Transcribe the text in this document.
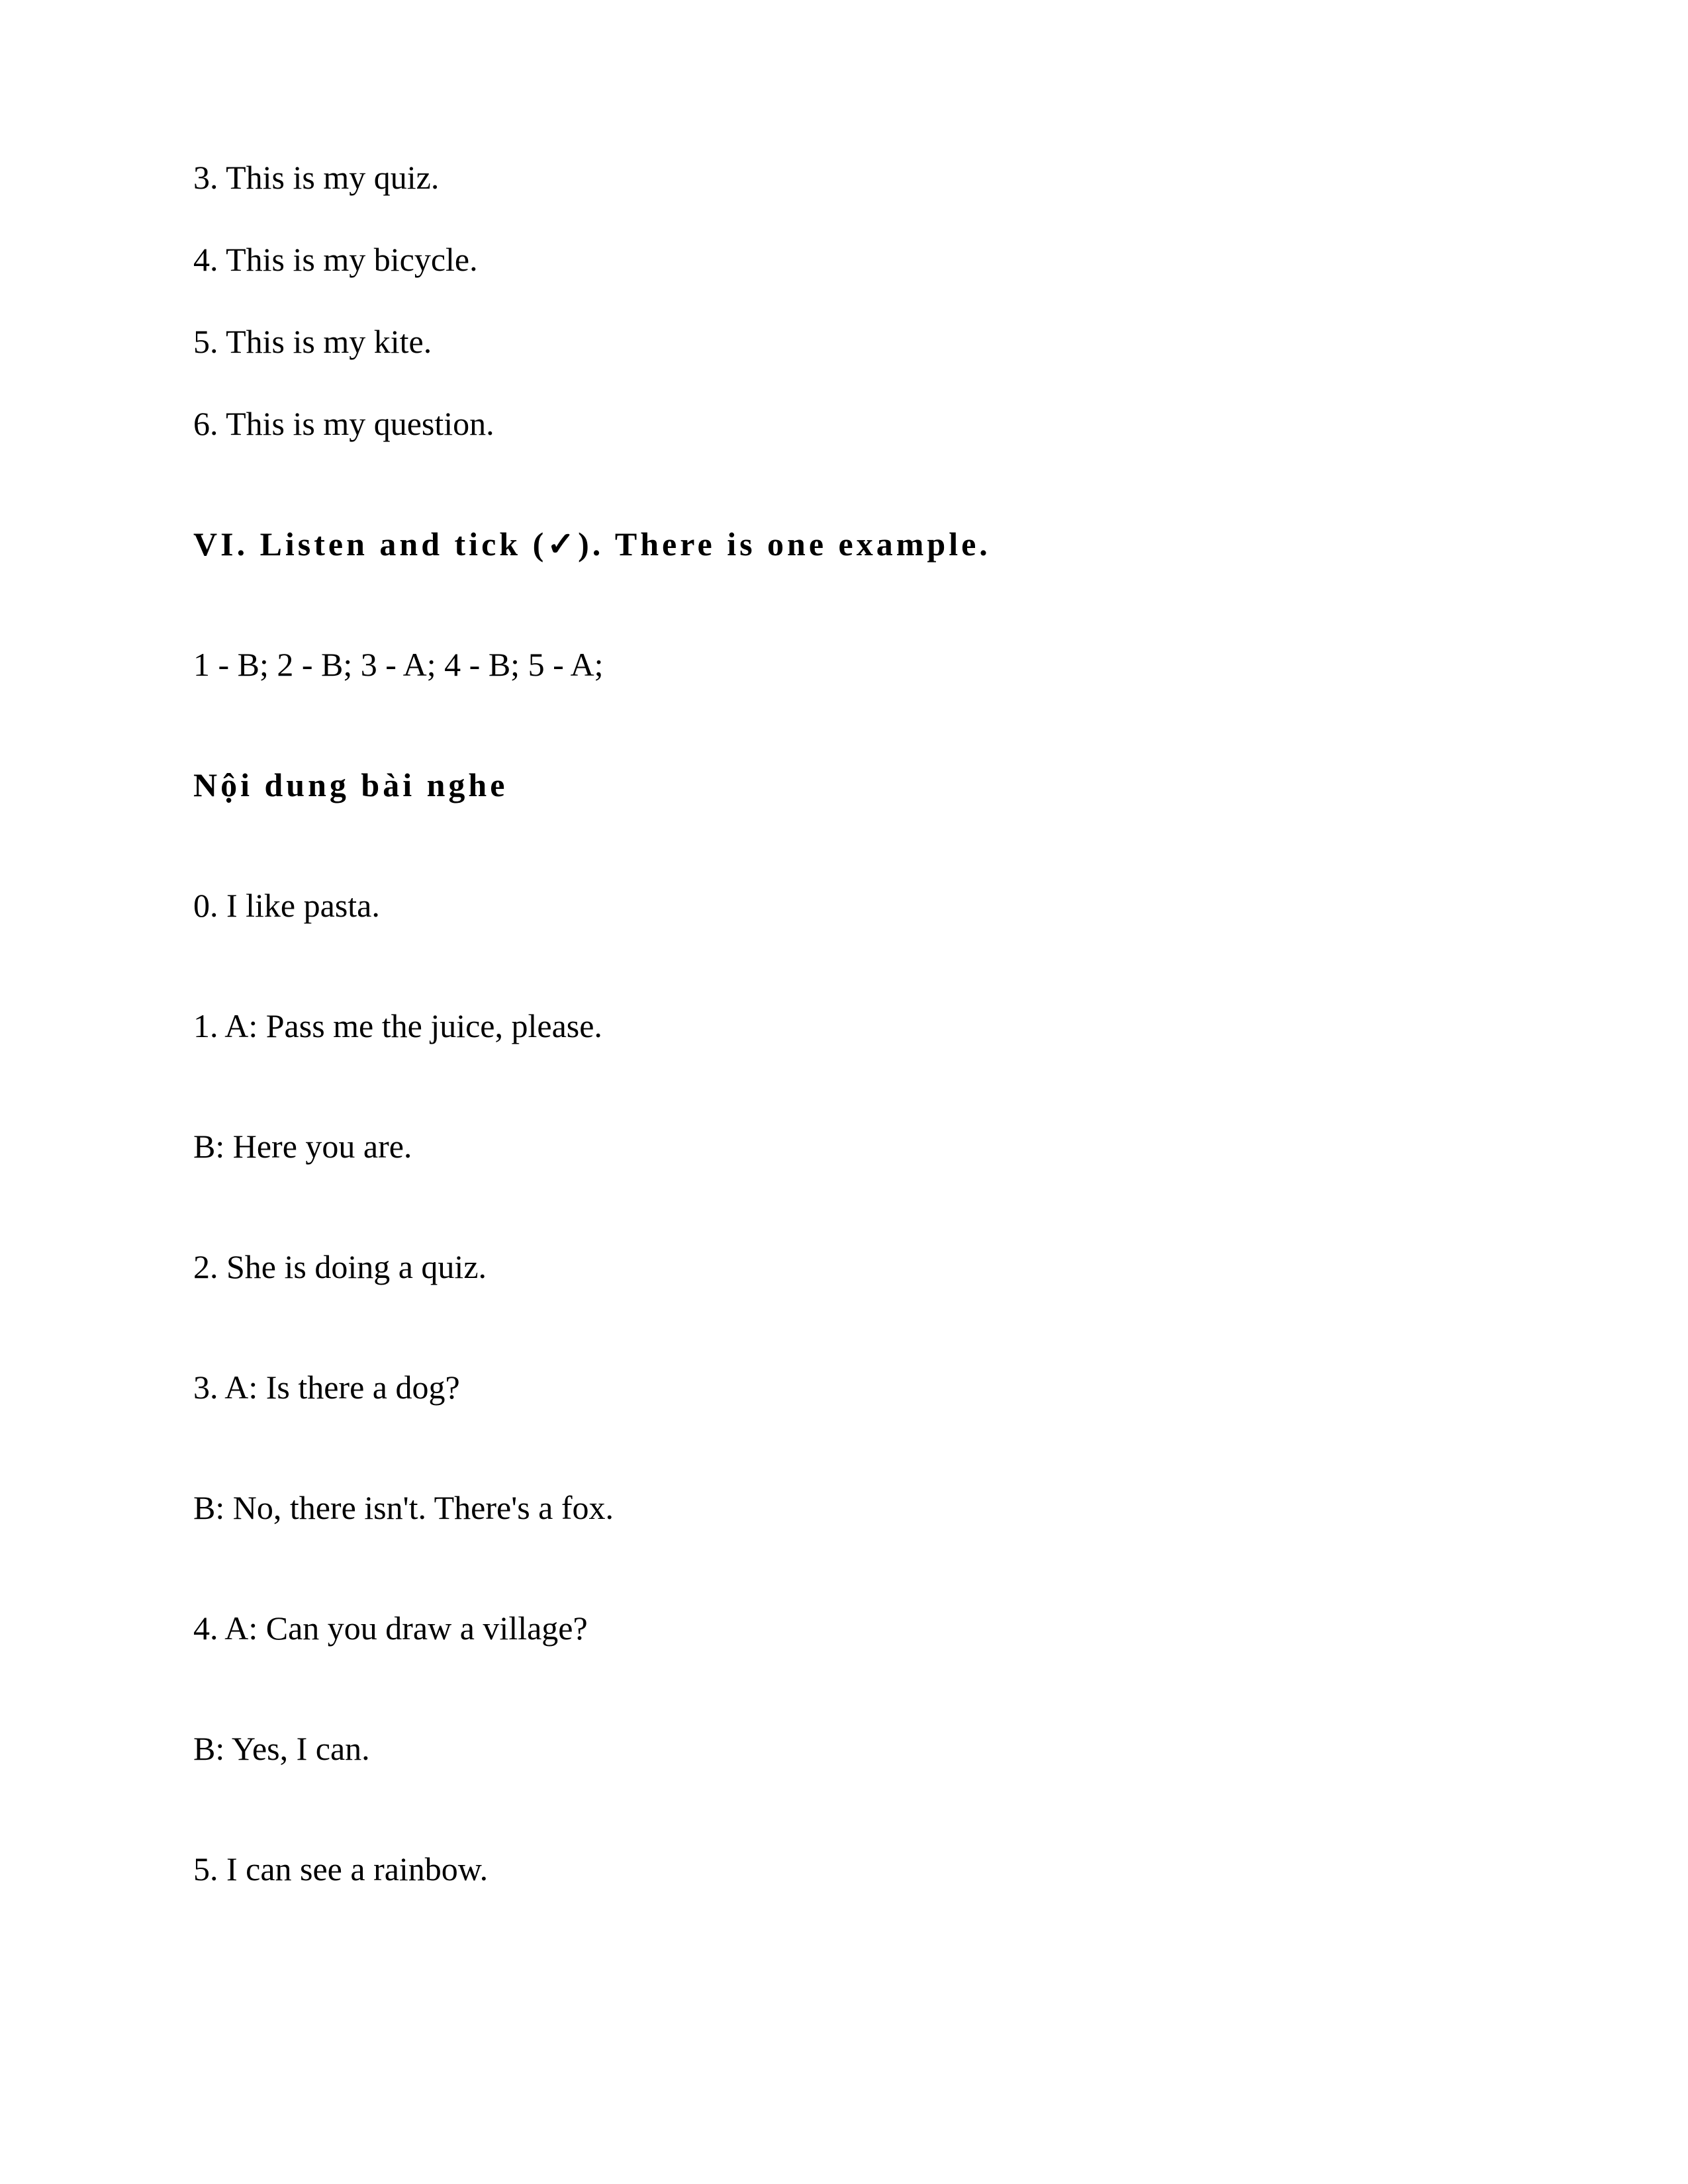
3. This is my quiz.
4. This is my bicycle.
5. This is my kite.
6. This is my question.
VI. Listen and tick (✓). There is one example.
1 - B; 2 - B; 3 - A; 4 - B; 5 - A;
Nội dung bài nghe
0. I like pasta.
1. A: Pass me the juice, please.
B: Here you are.
2. She is doing a quiz.
3. A: Is there a dog?
B: No, there isn't. There's a fox.
4. A: Can you draw a village?
B: Yes, I can.
5. I can see a rainbow.
